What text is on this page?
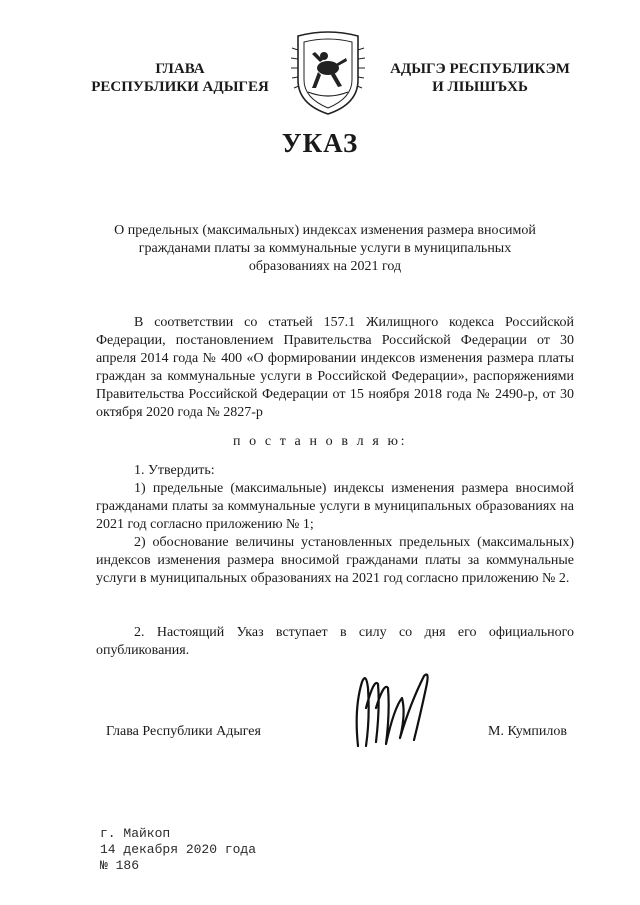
ГЛАВА
РЕСПУБЛИКИ АДЫГЕЯ
АДЫГЭ РЕСПУБЛИКЭМ
И ЛІЫШЪХЬ
УКАЗ
О предельных (максимальных) индексах изменения размера вносимой
гражданами платы за коммунальные услуги в муниципальных
образованиях на 2021 год

В соответствии со статьей 157.1 Жилищного кодекса Российской Федерации, постановлением Правительства Российской Федерации от 30 апреля 2014 года № 400 «О формировании индексов изменения размера платы граждан за коммунальные услуги в Российской Федерации», распоряжениями Правительства Российской Федерации от 15 ноября 2018 года № 2490-р, от 30 октября 2020 года № 2827-р

п о с т а н о в л я ю:

1. Утвердить:

1) предельные (максимальные) индексы изменения размера вносимой гражданами платы за коммунальные услуги в муниципальных образованиях на 2021 год согласно приложению № 1;

2) обоснование величины установленных предельных (максимальных) индексов изменения размера вносимой гражданами платы за коммунальные услуги в муниципальных образованиях на 2021 год согласно приложению № 2.

2. Настоящий Указ вступает в силу со дня его официального опубликования.

Глава Республики Адыгея	М. Кумпилов
г. Майкоп
14 декабря 2020 года
№ 186
